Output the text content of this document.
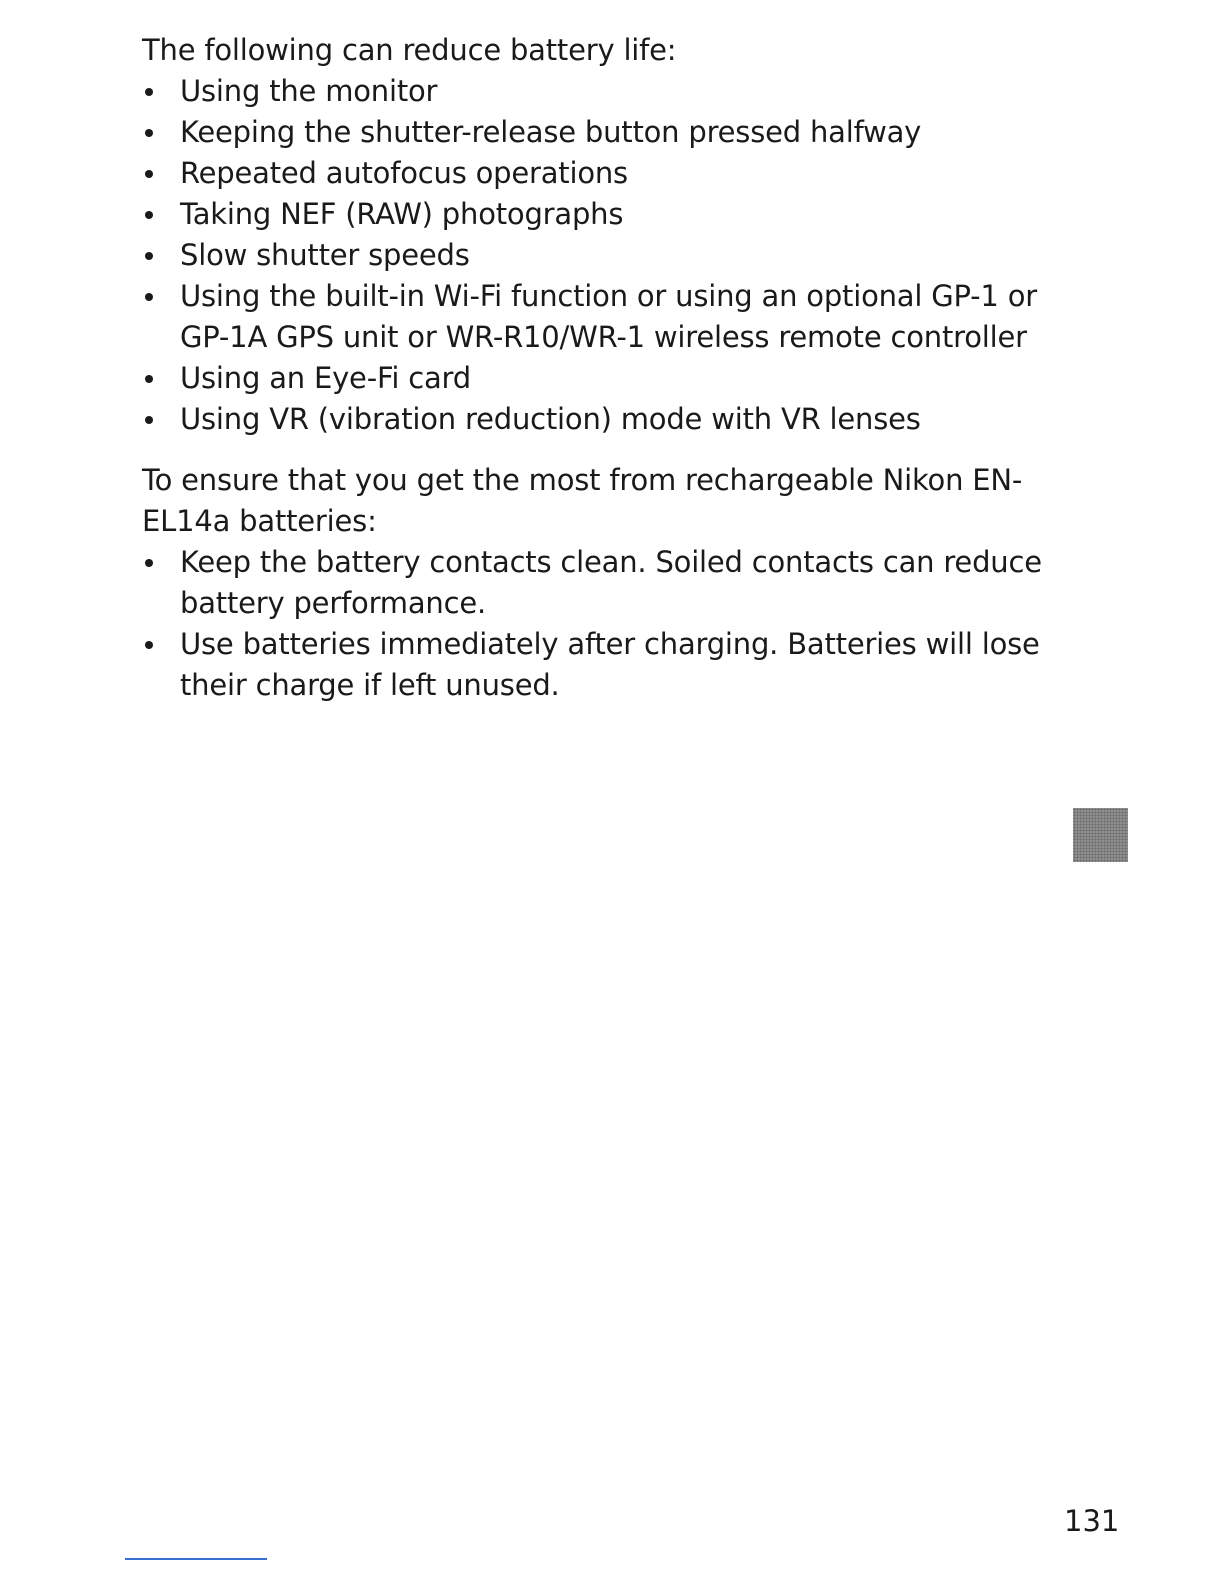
The following can reduce battery life:

Using the monitor
Keeping the shutter-release button pressed halfway
Repeated autofocus operations
Taking NEF (RAW) photographs
Slow shutter speeds
Using the built-in Wi-Fi function or using an optional GP-1 or GP-1A GPS unit or WR-R10/WR-1 wireless remote controller
Using an Eye-Fi card
Using VR (vibration reduction) mode with VR lenses

To ensure that you get the most from rechargeable Nikon EN-EL14a batteries:

Keep the battery contacts clean. Soiled contacts can reduce battery performance.
Use batteries immediately after charging. Batteries will lose their charge if left unused.
131
